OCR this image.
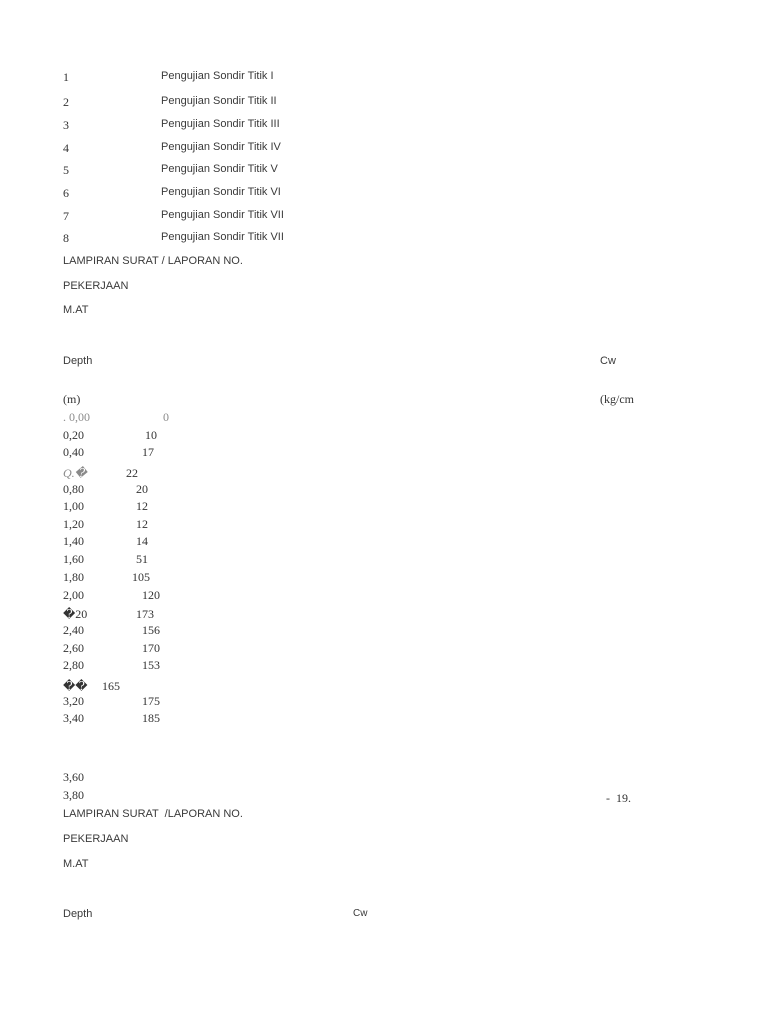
1	Pengujian Sondir Titik I
2	Pengujian Sondir Titik II
3	Pengujian Sondir Titik III
4	Pengujian Sondir Titik IV
5	Pengujian Sondir Titik V
6	Pengujian Sondir Titik VI
7	Pengujian Sondir Titik VII
8	Pengujian Sondir Titik VII
LAMPIRAN SURAT / LAPORAN NO.
PEKERJAAN
M.AT
Depth	Cw
(m)	(kg/cm
. 0,00	0
0,20	10
0,40	17
Q.�	22
0,80	20
1,00	12
1,20	12
1,40	14
1,60	51
1,80	105
2,00	120
�20	173
2,40	156
2,60	170
2,80	153
�� 165
3,20	175
3,40	185
3,60
3,80	-  19.
LAMPIRAN SURAT  /LAPORAN NO.
PEKERJAAN
M.AT
Depth	Cw
